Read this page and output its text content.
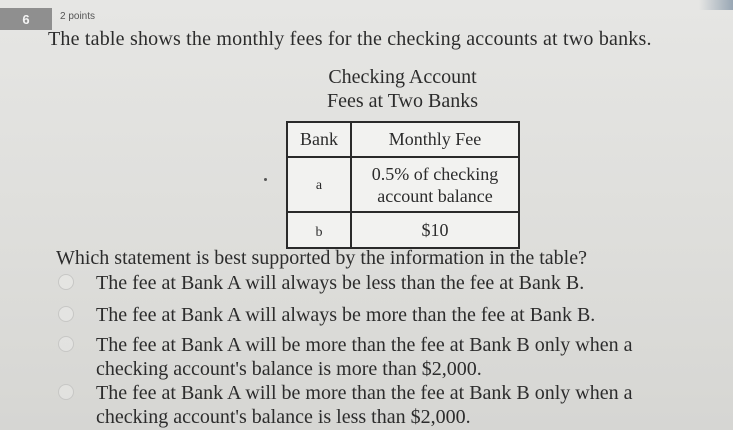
6	2 points
The table shows the monthly fees for the checking accounts at two banks.
Checking Account
Fees at Two Banks
Bank	Monthly Fee
a	0.5% of checking
account balance

b	$10
Which statement is best supported by the information in the table?
The fee at Bank A will always be less than the fee at Bank B.
The fee at Bank A will always be more than the fee at Bank B.
The fee at Bank A will be more than the fee at Bank B only when a checking account's balance is more than $2,000.
The fee at Bank A will be more than the fee at Bank B only when a checking account's balance is less than $2,000.
